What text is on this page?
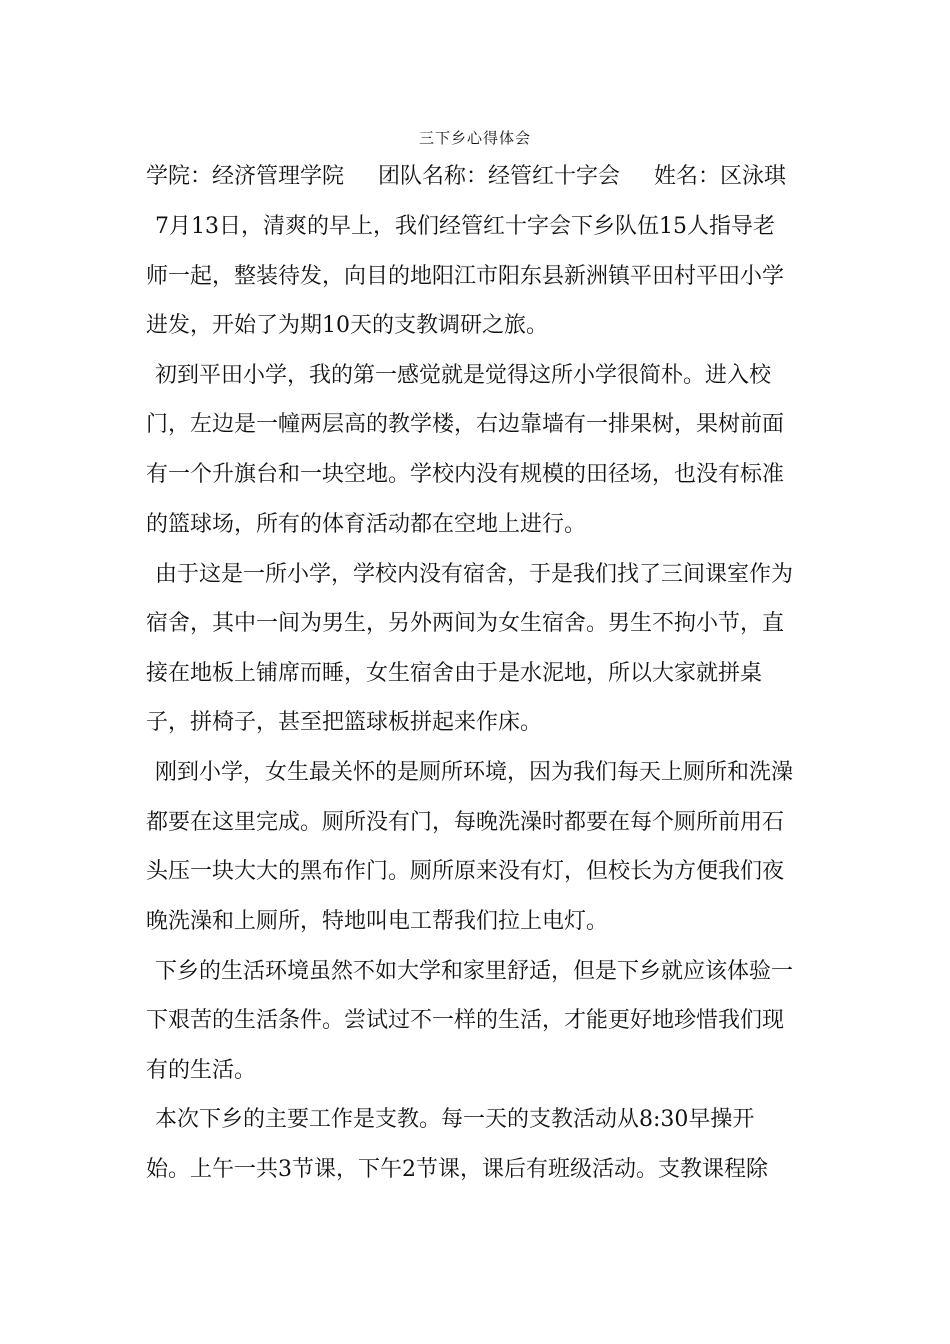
三下乡心得体会
学院：经济管理学院 团队名称：经管红十字会 姓名：区泳琪
7月13日，清爽的早上，我们经管红十字会下乡队伍15人指导老
师一起，整装待发，向目的地阳江市阳东县新洲镇平田村平田小学
进发，开始了为期10天的支教调研之旅。
初到平田小学，我的第一感觉就是觉得这所小学很简朴。进入校
门，左边是一幢两层高的教学楼，右边靠墙有一排果树，果树前面
有一个升旗台和一块空地。学校内没有规模的田径场，也没有标准
的篮球场，所有的体育活动都在空地上进行。
由于这是一所小学，学校内没有宿舍，于是我们找了三间课室作为
宿舍，其中一间为男生，另外两间为女生宿舍。男生不拘小节，直
接在地板上铺席而睡，女生宿舍由于是水泥地，所以大家就拼桌
子，拼椅子，甚至把篮球板拼起来作床。
刚到小学，女生最关怀的是厕所环境，因为我们每天上厕所和洗澡
都要在这里完成。厕所没有门，每晚洗澡时都要在每个厕所前用石
头压一块大大的黑布作门。厕所原来没有灯，但校长为方便我们夜
晚洗澡和上厕所，特地叫电工帮我们拉上电灯。
下乡的生活环境虽然不如大学和家里舒适，但是下乡就应该体验一
下艰苦的生活条件。尝试过不一样的生活，才能更好地珍惜我们现
有的生活。
本次下乡的主要工作是支教。每一天的支教活动从8:30早操开
始。上午一共3节课，下午2节课，课后有班级活动。支教课程除
